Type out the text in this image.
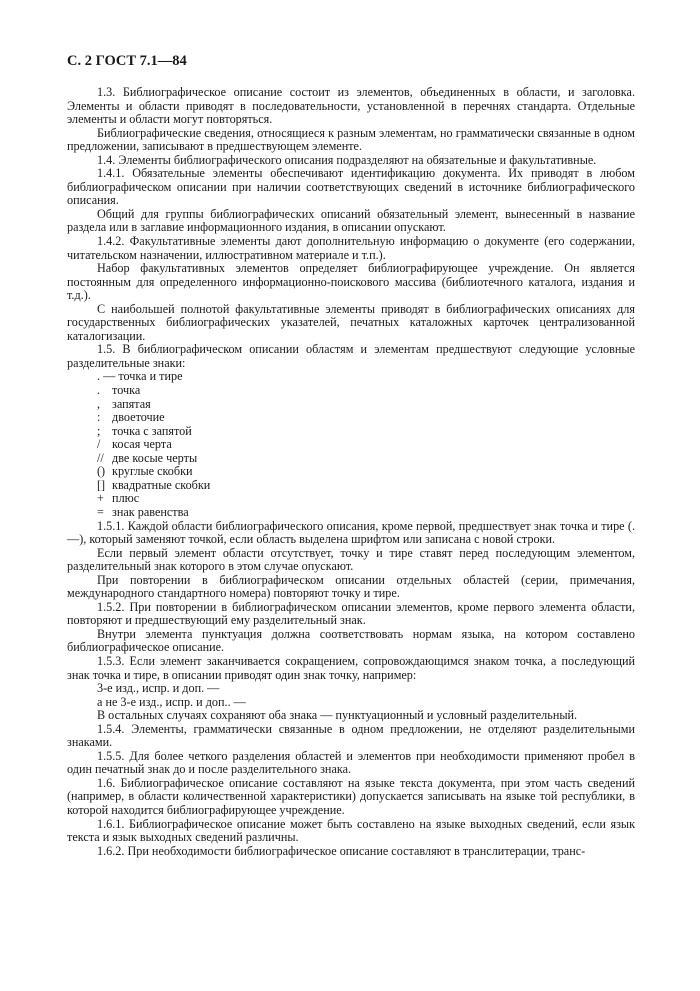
С. 2 ГОСТ 7.1—84

1.3. Библиографическое описание состоит из элементов, объединенных в области, и заголовка. Элементы и области приводят в последовательности, установленной в перечнях стандарта. Отдельные элементы и области могут повторяться.

Библиографические сведения, относящиеся к разным элементам, но грамматически связанные в одном предложении, записывают в предшествующем элементе.

1.4. Элементы библиографического описания подразделяют на обязательные и факультативные.

1.4.1. Обязательные элементы обеспечивают идентификацию документа. Их приводят в любом библиографическом описании при наличии соответствующих сведений в источнике библиографического описания.

Общий для группы библиографических описаний обязательный элемент, вынесенный в название раздела или в заглавие информационного издания, в описании опускают.

1.4.2. Факультативные элементы дают дополнительную информацию о документе (его содержании, читательском назначении, иллюстративном материале и т.п.).

Набор факультативных элементов определяет библиографирующее учреждение. Он является постоянным для определенного информационно-поискового массива (библиотечного каталога, издания и т.д.).

С наибольшей полнотой факультативные элементы приводят в библиографических описаниях для государственных библиографических указателей, печатных каталожных карточек централизованной каталогизации.

1.5. В библиографическом описании областям и элементам предшествуют следующие условные разделительные знаки:

. — точка и тире
. точка
, запятая
: двоеточие
; точка с запятой
/ косая черта
// две косые черты
() круглые скобки
[] квадратные скобки
+ плюс
= знак равенства

1.5.1. Каждой области библиографического описания, кроме первой, предшествует знак точка и тире (. —), который заменяют точкой, если область выделена шрифтом или записана с новой строки.

Если первый элемент области отсутствует, точку и тире ставят перед последующим элементом, разделительный знак которого в этом случае опускают.

При повторении в библиографическом описании отдельных областей (серии, примечания, международного стандартного номера) повторяют точку и тире.

1.5.2. При повторении в библиографическом описании элементов, кроме первого элемента области, повторяют и предшествующий ему разделительный знак.

Внутри элемента пунктуация должна соответствовать нормам языка, на котором составлено библиографическое описание.

1.5.3. Если элемент заканчивается сокращением, сопровождающимся знаком точка, а последующий знак точка и тире, в описании приводят один знак точку, например:

3-е изд., испр. и доп. —

а не 3-е изд., испр. и доп.. —

В остальных случаях сохраняют оба знака — пунктуационный и условный разделительный.

1.5.4. Элементы, грамматически связанные в одном предложении, не отделяют разделительными знаками.

1.5.5. Для более четкого разделения областей и элементов при необходимости применяют пробел в один печатный знак до и после разделительного знака.

1.6. Библиографическое описание составляют на языке текста документа, при этом часть сведений (например, в области количественной характеристики) допускается записывать на языке той республики, в которой находится библиографирующее учреждение.

1.6.1. Библиографическое описание может быть составлено на языке выходных сведений, если язык текста и язык выходных сведений различны.

1.6.2. При необходимости библиографическое описание составляют в транслитерации, транс-
